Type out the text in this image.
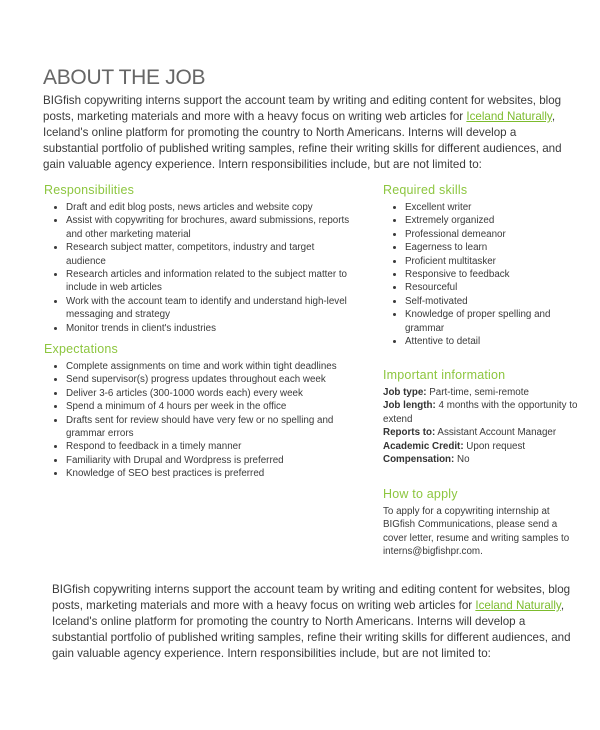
ABOUT THE JOB
BIGfish copywriting interns support the account team by writing and editing content for websites, blog posts, marketing materials and more with a heavy focus on writing web articles for Iceland Naturally, Iceland's online platform for promoting the country to North Americans. Interns will develop a substantial portfolio of published writing samples, refine their writing skills for different audiences, and gain valuable agency experience. Intern responsibilities include, but are not limited to:
Responsibilities
• Draft and edit blog posts, news articles and website copy
• Assist with copywriting for brochures, award submissions, reports and other marketing material
• Research subject matter, competitors, industry and target audience
• Research articles and information related to the subject matter to include in web articles
• Work with the account team to identify and understand high-level messaging and strategy
• Monitor trends in client's industries
Expectations
• Complete assignments on time and work within tight deadlines
• Send supervisor(s) progress updates throughout each week
• Deliver 3-6 articles (300-1000 words each) every week
• Spend a minimum of 4 hours per week in the office
• Drafts sent for review should have very few or no spelling and grammar errors
• Respond to feedback in a timely manner
• Familiarity with Drupal and Wordpress is preferred
• Knowledge of SEO best practices is preferred
Required skills
• Excellent writer
• Extremely organized
• Professional demeanor
• Eagerness to learn
• Proficient multitasker
• Responsive to feedback
• Resourceful
• Self-motivated
• Knowledge of proper spelling and grammar
• Attentive to detail
Important information
Job type: Part-time, semi-remote
Job length: 4 months with the opportunity to extend
Reports to: Assistant Account Manager
Academic Credit: Upon request
Compensation: No
How to apply
To apply for a copywriting internship at BIGfish Communications, please send a cover letter, resume and writing samples to interns@bigfishpr.com.
BIGfish copywriting interns support the account team by writing and editing content for websites, blog posts, marketing materials and more with a heavy focus on writing web articles for Iceland Naturally, Iceland's online platform for promoting the country to North Americans. Interns will develop a substantial portfolio of published writing samples, refine their writing skills for different audiences, and gain valuable agency experience. Intern responsibilities include, but are not limited to:
